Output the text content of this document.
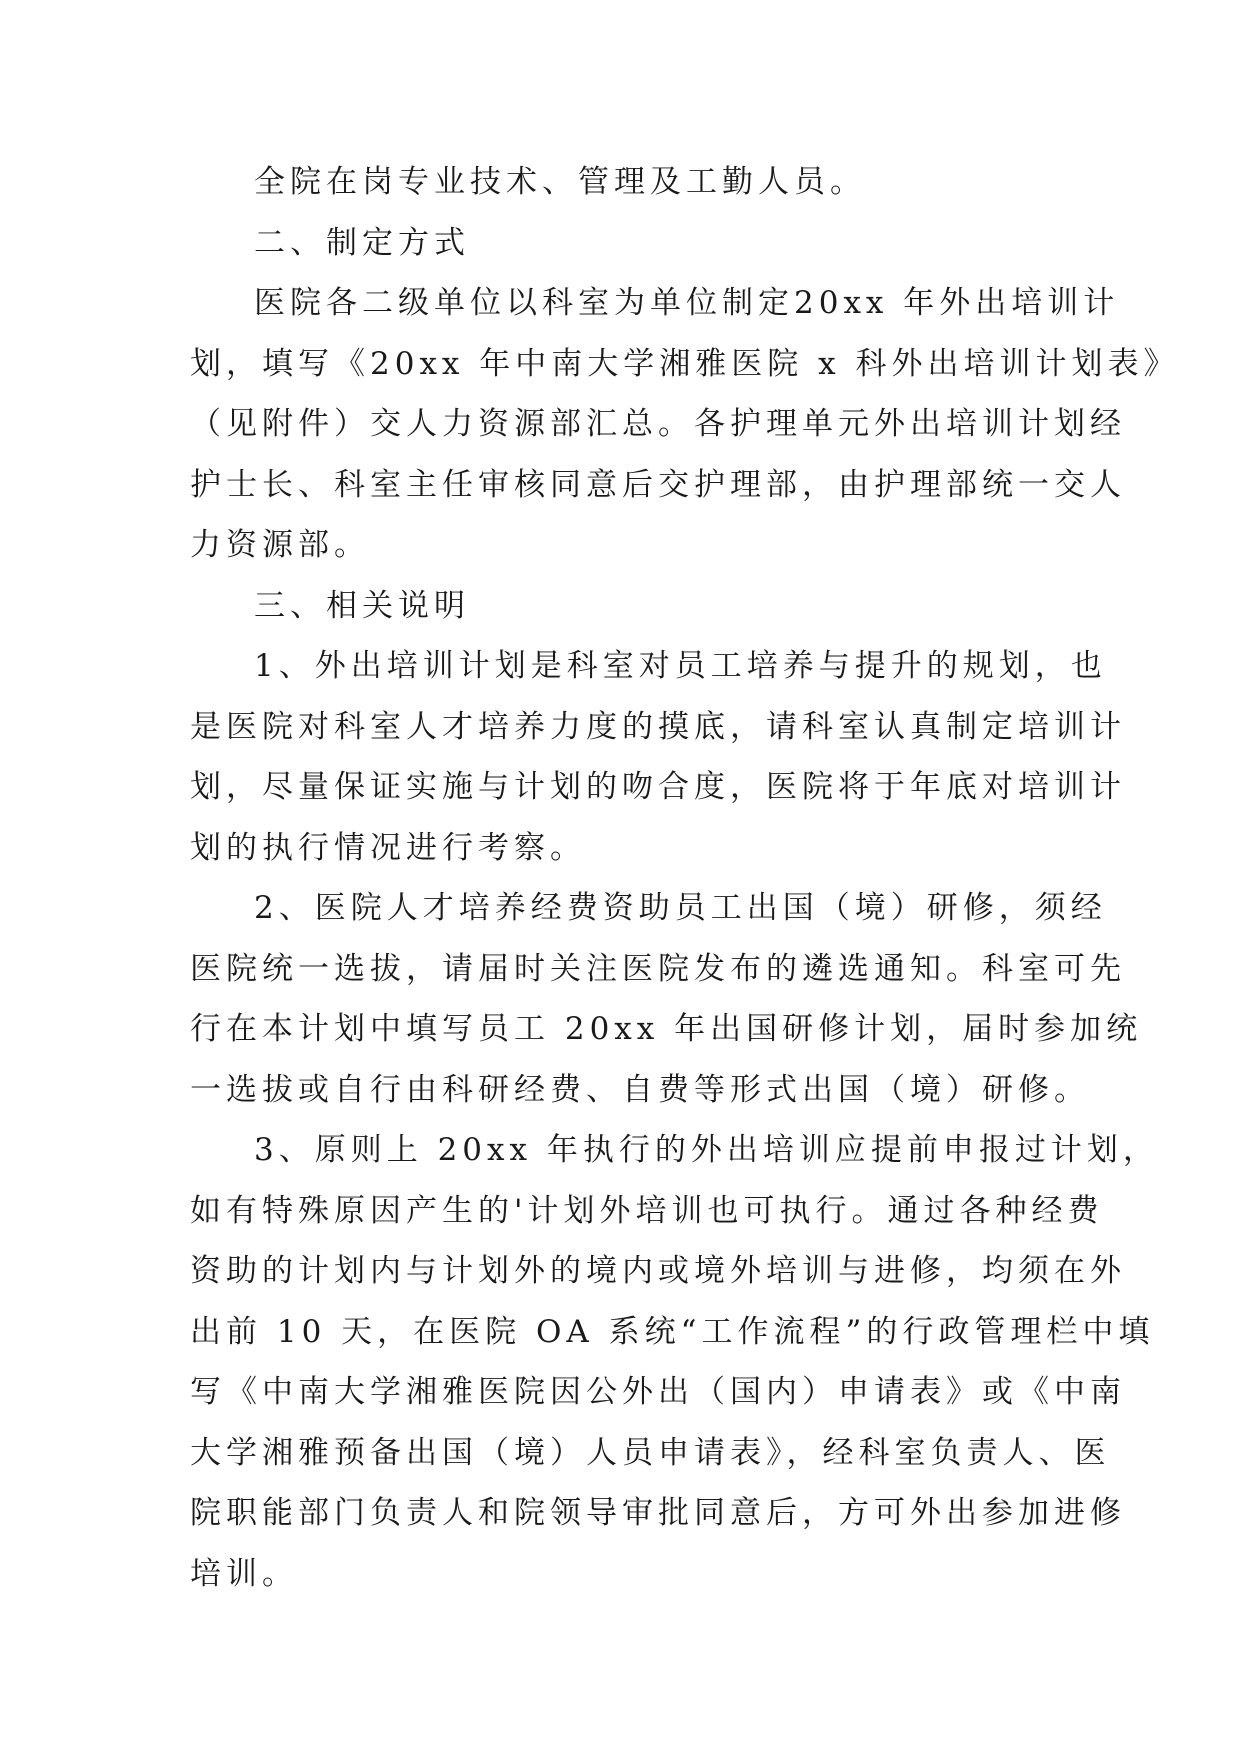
全院在岗专业技术、管理及工勤人员。
二、制定方式
医院各二级单位以科室为单位制定20xx 年外出培训计
划，填写《20xx 年中南大学湘雅医院 x 科外出培训计划表》
（见附件）交人力资源部汇总。各护理单元外出培训计划经
护士长、科室主任审核同意后交护理部，由护理部统一交人
力资源部。
三、相关说明
1、外出培训计划是科室对员工培养与提升的规划，也
是医院对科室人才培养力度的摸底，请科室认真制定培训计
划，尽量保证实施与计划的吻合度，医院将于年底对培训计
划的执行情况进行考察。
2、医院人才培养经费资助员工出国（境）研修，须经
医院统一选拔，请届时关注医院发布的遴选通知。科室可先
行在本计划中填写员工 20xx 年出国研修计划，届时参加统
一选拔或自行由科研经费、自费等形式出国（境）研修。
3、原则上 20xx 年执行的外出培训应提前申报过计划，
如有特殊原因产生的'计划外培训也可执行。通过各种经费
资助的计划内与计划外的境内或境外培训与进修，均须在外
出前 10 天，在医院 OA 系统“工作流程”的行政管理栏中填
写《中南大学湘雅医院因公外出（国内）申请表》或《中南
大学湘雅预备出国（境）人员申请表》，经科室负责人、医
院职能部门负责人和院领导审批同意后，方可外出参加进修
培训。
